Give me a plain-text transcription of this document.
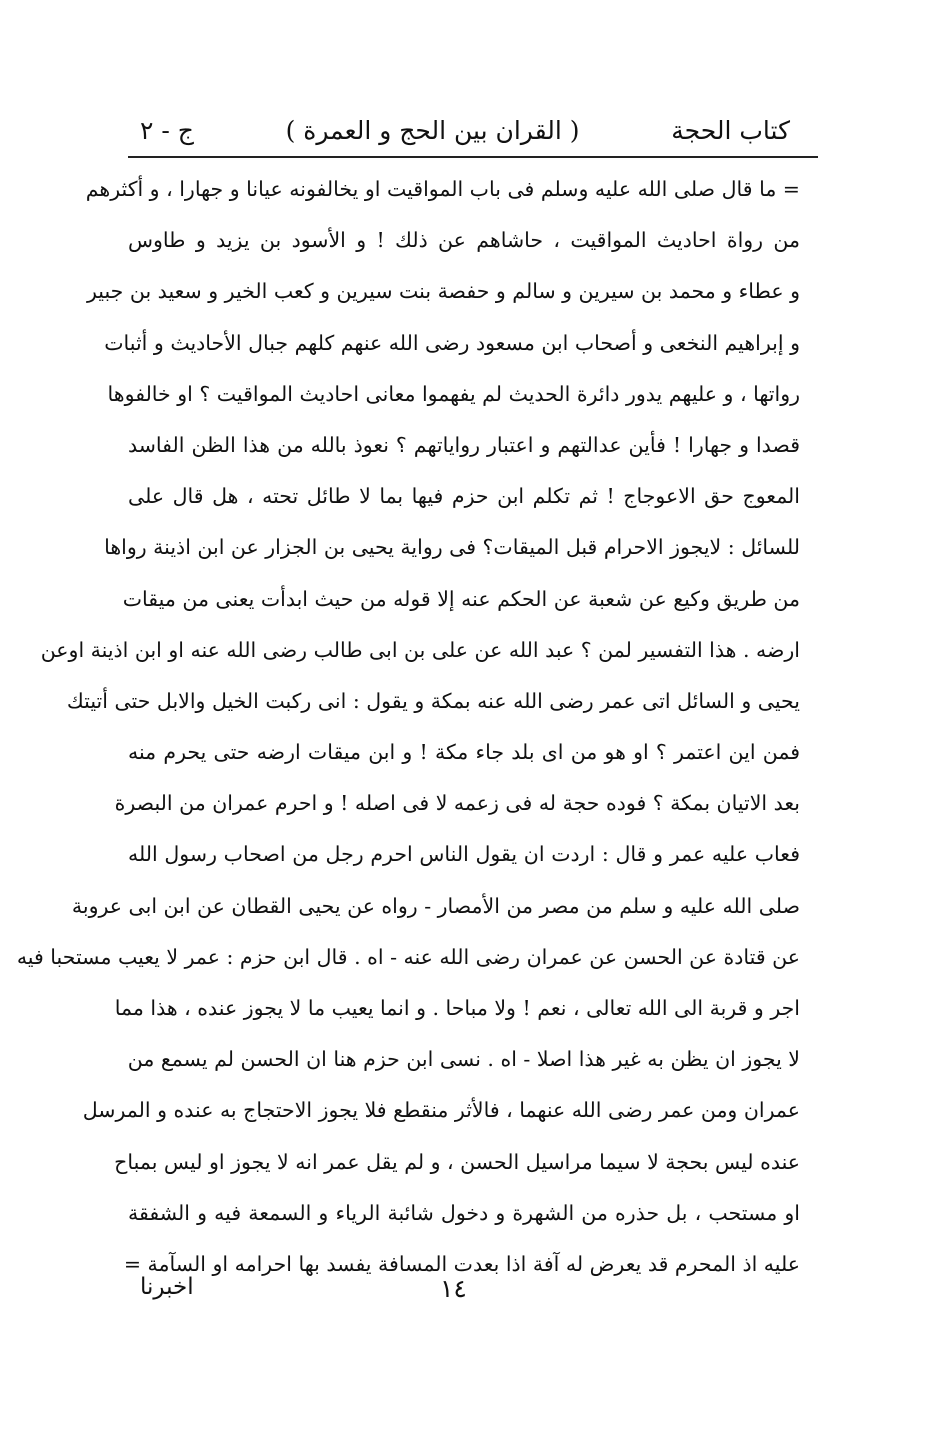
ج - ٢	( القران بين الحج و العمرة )	كتاب الحجة
= ما قال صلى الله عليه وسلم فى باب المواقيت او يخالفونه عيانا و جهارا ، و أكثرهم
من رواة احاديث المواقيت ، حاشاهم عن ذلك ! و الأسود بن يزيد و طاوس
و عطاء و محمد بن سيرين و سالم و حفصة بنت سيرين و كعب الخير و سعيد بن جبير
و إبراهيم النخعى و أصحاب ابن مسعود رضى الله عنهم كلهم جبال الأحاديث و أثبات
رواتها ، و عليهم يدور دائرة الحديث لم يفهموا معانى احاديث المواقيت ؟ او خالفوها
قصدا و جهارا ! فأين عدالتهم و اعتبار رواياتهم ؟ نعوذ بالله من هذا الظن الفاسد
المعوج حق الاعوجاج ! ثم تكلم ابن حزم فيها بما لا طائل تحته ، هل قال على
للسائل : لايجوز الاحرام قبل الميقات؟ فى رواية يحيى بن الجزار عن ابن اذينة رواها
من طريق وكيع عن شعبة عن الحكم عنه إلا قوله من حيث ابدأت يعنى من ميقات
ارضه . هذا التفسير لمن ؟ عبد الله عن على بن ابى طالب رضى الله عنه او ابن اذينة اوعن
يحيى و السائل اتى عمر رضى الله عنه بمكة و يقول : انى ركبت الخيل والابل حتى أتيتك
فمن اين اعتمر ؟ او هو من اى بلد جاء مكة ! و ابن ميقات ارضه حتى يحرم منه
بعد الاتيان بمكة ؟ فوده حجة له فى زعمه لا فى اصله ! و احرم عمران من البصرة
فعاب عليه عمر و قال : اردت ان يقول الناس احرم رجل من اصحاب رسول الله
صلى الله عليه و سلم من مصر من الأمصار - رواه عن يحيى القطان عن ابن ابى عروبة
عن قتادة عن الحسن عن عمران رضى الله عنه - اه . قال ابن حزم : عمر لا يعيب مستحبا فيه
اجر و قربة الى الله تعالى ، نعم ! ولا مباحا . و انما يعيب ما لا يجوز عنده ، هذا مما
لا يجوز ان يظن به غير هذا اصلا - اه . نسى ابن حزم هنا ان الحسن لم يسمع من
عمران ومن عمر رضى الله عنهما ، فالأثر منقطع فلا يجوز الاحتجاج به عنده و المرسل
عنده ليس بحجة لا سيما مراسيل الحسن ، و لم يقل عمر انه لا يجوز او ليس بمباح
او مستحب ، بل حذره من الشهرة و دخول شائبة الرياء و السمعة فيه و الشفقة
عليه اذ المحرم قد يعرض له آفة اذا بعدت المسافة يفسد بها احرامه او السآمة =
اخبرنا	١٤
